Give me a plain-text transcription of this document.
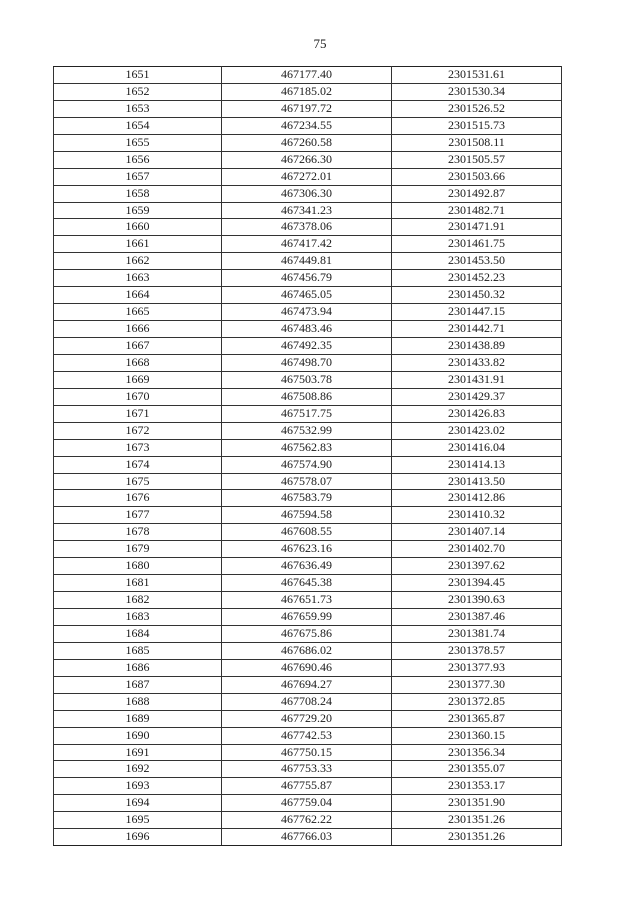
75
1651	467177.40	2301531.61
1652	467185.02	2301530.34
1653	467197.72	2301526.52
1654	467234.55	2301515.73
1655	467260.58	2301508.11
1656	467266.30	2301505.57
1657	467272.01	2301503.66
1658	467306.30	2301492.87
1659	467341.23	2301482.71
1660	467378.06	2301471.91
1661	467417.42	2301461.75
1662	467449.81	2301453.50
1663	467456.79	2301452.23
1664	467465.05	2301450.32
1665	467473.94	2301447.15
1666	467483.46	2301442.71
1667	467492.35	2301438.89
1668	467498.70	2301433.82
1669	467503.78	2301431.91
1670	467508.86	2301429.37
1671	467517.75	2301426.83
1672	467532.99	2301423.02
1673	467562.83	2301416.04
1674	467574.90	2301414.13
1675	467578.07	2301413.50
1676	467583.79	2301412.86
1677	467594.58	2301410.32
1678	467608.55	2301407.14
1679	467623.16	2301402.70
1680	467636.49	2301397.62
1681	467645.38	2301394.45
1682	467651.73	2301390.63
1683	467659.99	2301387.46
1684	467675.86	2301381.74
1685	467686.02	2301378.57
1686	467690.46	2301377.93
1687	467694.27	2301377.30
1688	467708.24	2301372.85
1689	467729.20	2301365.87
1690	467742.53	2301360.15
1691	467750.15	2301356.34
1692	467753.33	2301355.07
1693	467755.87	2301353.17
1694	467759.04	2301351.90
1695	467762.22	2301351.26
1696	467766.03	2301351.26
